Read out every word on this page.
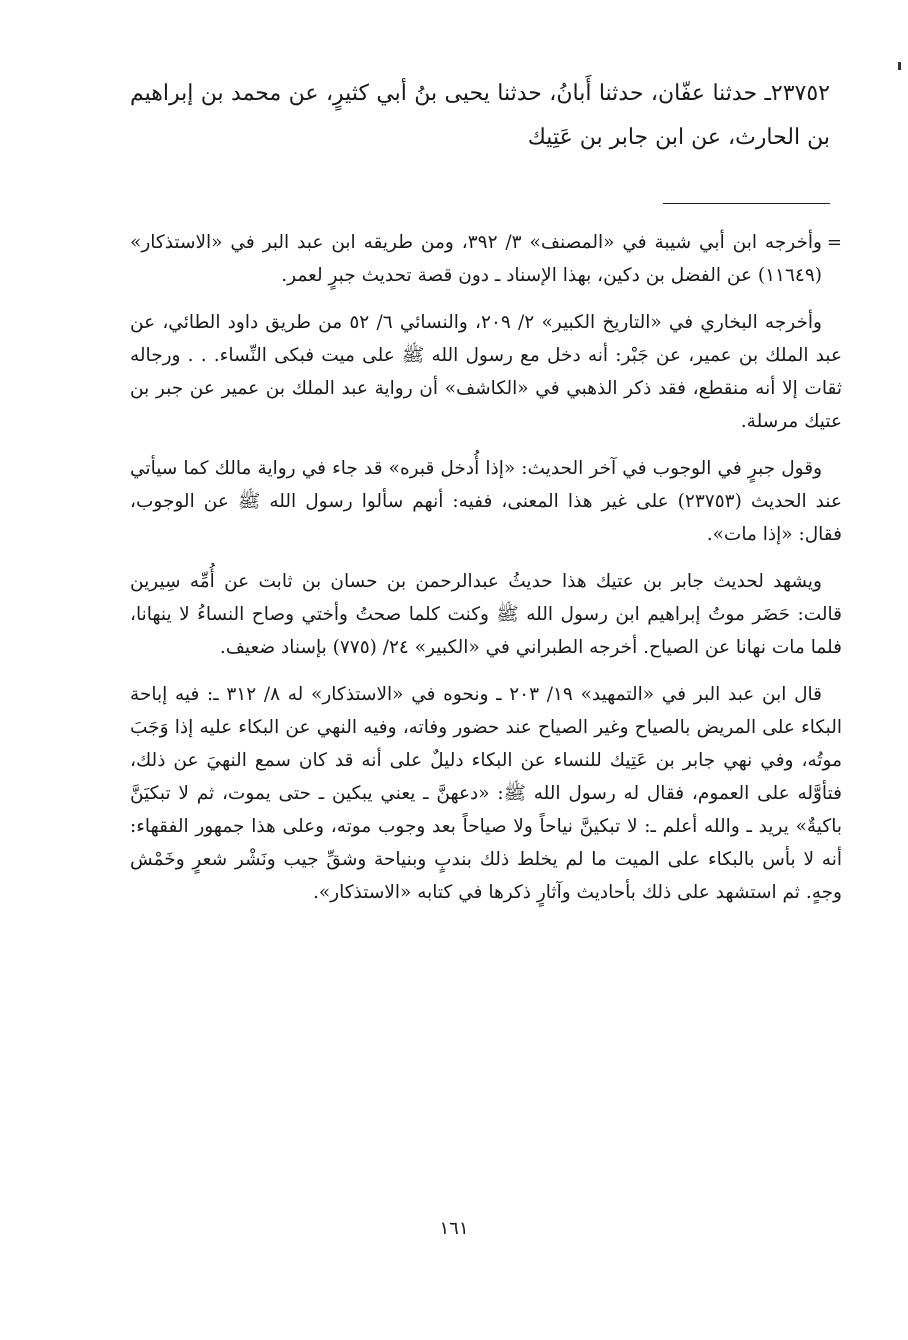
٢٣٧٥٢ـ حدثنا عفّان، حدثنا أَبانُ، حدثنا يحيى بنُ أبي كثيرٍ، عن محمد بن إبراهيم بن الحارث، عن ابن جابر بن عَتِيك

=
وأخرجه ابن أبي شيبة في «المصنف» ٣/ ٣٩٢، ومن طريقه ابن عبد البر في «الاستذكار» (١١٦٤٩) عن الفضل بن دكين، بهذا الإسناد ـ دون قصة تحديث جبرٍ لعمر.

وأخرجه البخاري في «التاريخ الكبير» ٢/ ٢٠٩، والنسائي ٦/ ٥٢ من طريق داود الطائي، عن عبد الملك بن عمير، عن جَبْر: أنه دخل مع رسول الله ﷺ على ميت فبكى النِّساء. . . ورجاله ثقات إلا أنه منقطع، فقد ذكر الذهبي في «الكاشف» أن رواية عبد الملك بن عمير عن جبر بن عتيك مرسلة.

وقول جبرٍ في الوجوب في آخر الحديث: «إذا أُدخل قبره» قد جاء في رواية مالك كما سيأتي عند الحديث (٢٣٧٥٣) على غير هذا المعنى، ففيه: أنهم سألوا رسول الله ﷺ عن الوجوب، فقال: «إذا مات».

ويشهد لحديث جابر بن عتيك هذا حديثُ عبدالرحمن بن حسان بن ثابت عن أُمِّه سِيرين قالت: حَضَر موتُ إبراهيم ابن رسول الله ﷺ وكنت كلما صحتُ وأختي وصاح النساءُ لا ينهانا، فلما مات نهانا عن الصياح. أخرجه الطبراني في «الكبير» ٢٤/ (٧٧٥) بإسناد ضعيف.

قال ابن عبد البر في «التمهيد» ١٩/ ٢٠٣ ـ ونحوه في «الاستذكار» له ٨/ ٣١٢ ـ: فيه إباحة البكاء على المريض بالصياح وغير الصياح عند حضور وفاته، وفيه النهي عن البكاء عليه إذا وَجَبَ موتُه، وفي نهي جابر بن عَتِيك للنساء عن البكاء دليلٌ على أنه قد كان سمع النهيَ عن ذلك، فتأوَّله على العموم، فقال له رسول الله ﷺ: «دعهنَّ ـ يعني يبكين ـ حتى يموت، ثم لا تبكيَنَّ باكيةٌ» يريد ـ والله أعلم ـ: لا تبكينَّ نياحاً ولا صياحاً بعد وجوب موته، وعلى هذا جمهور الفقهاء: أنه لا بأس بالبكاء على الميت ما لم يخلط ذلك بندبٍ وبنياحة وشقِّ جيب ونَشْر شعرٍ وخَمْش وجهٍ. ثم استشهد على ذلك بأحاديث وآثارٍ ذكرها في كتابه «الاستذكار».

١٦١
